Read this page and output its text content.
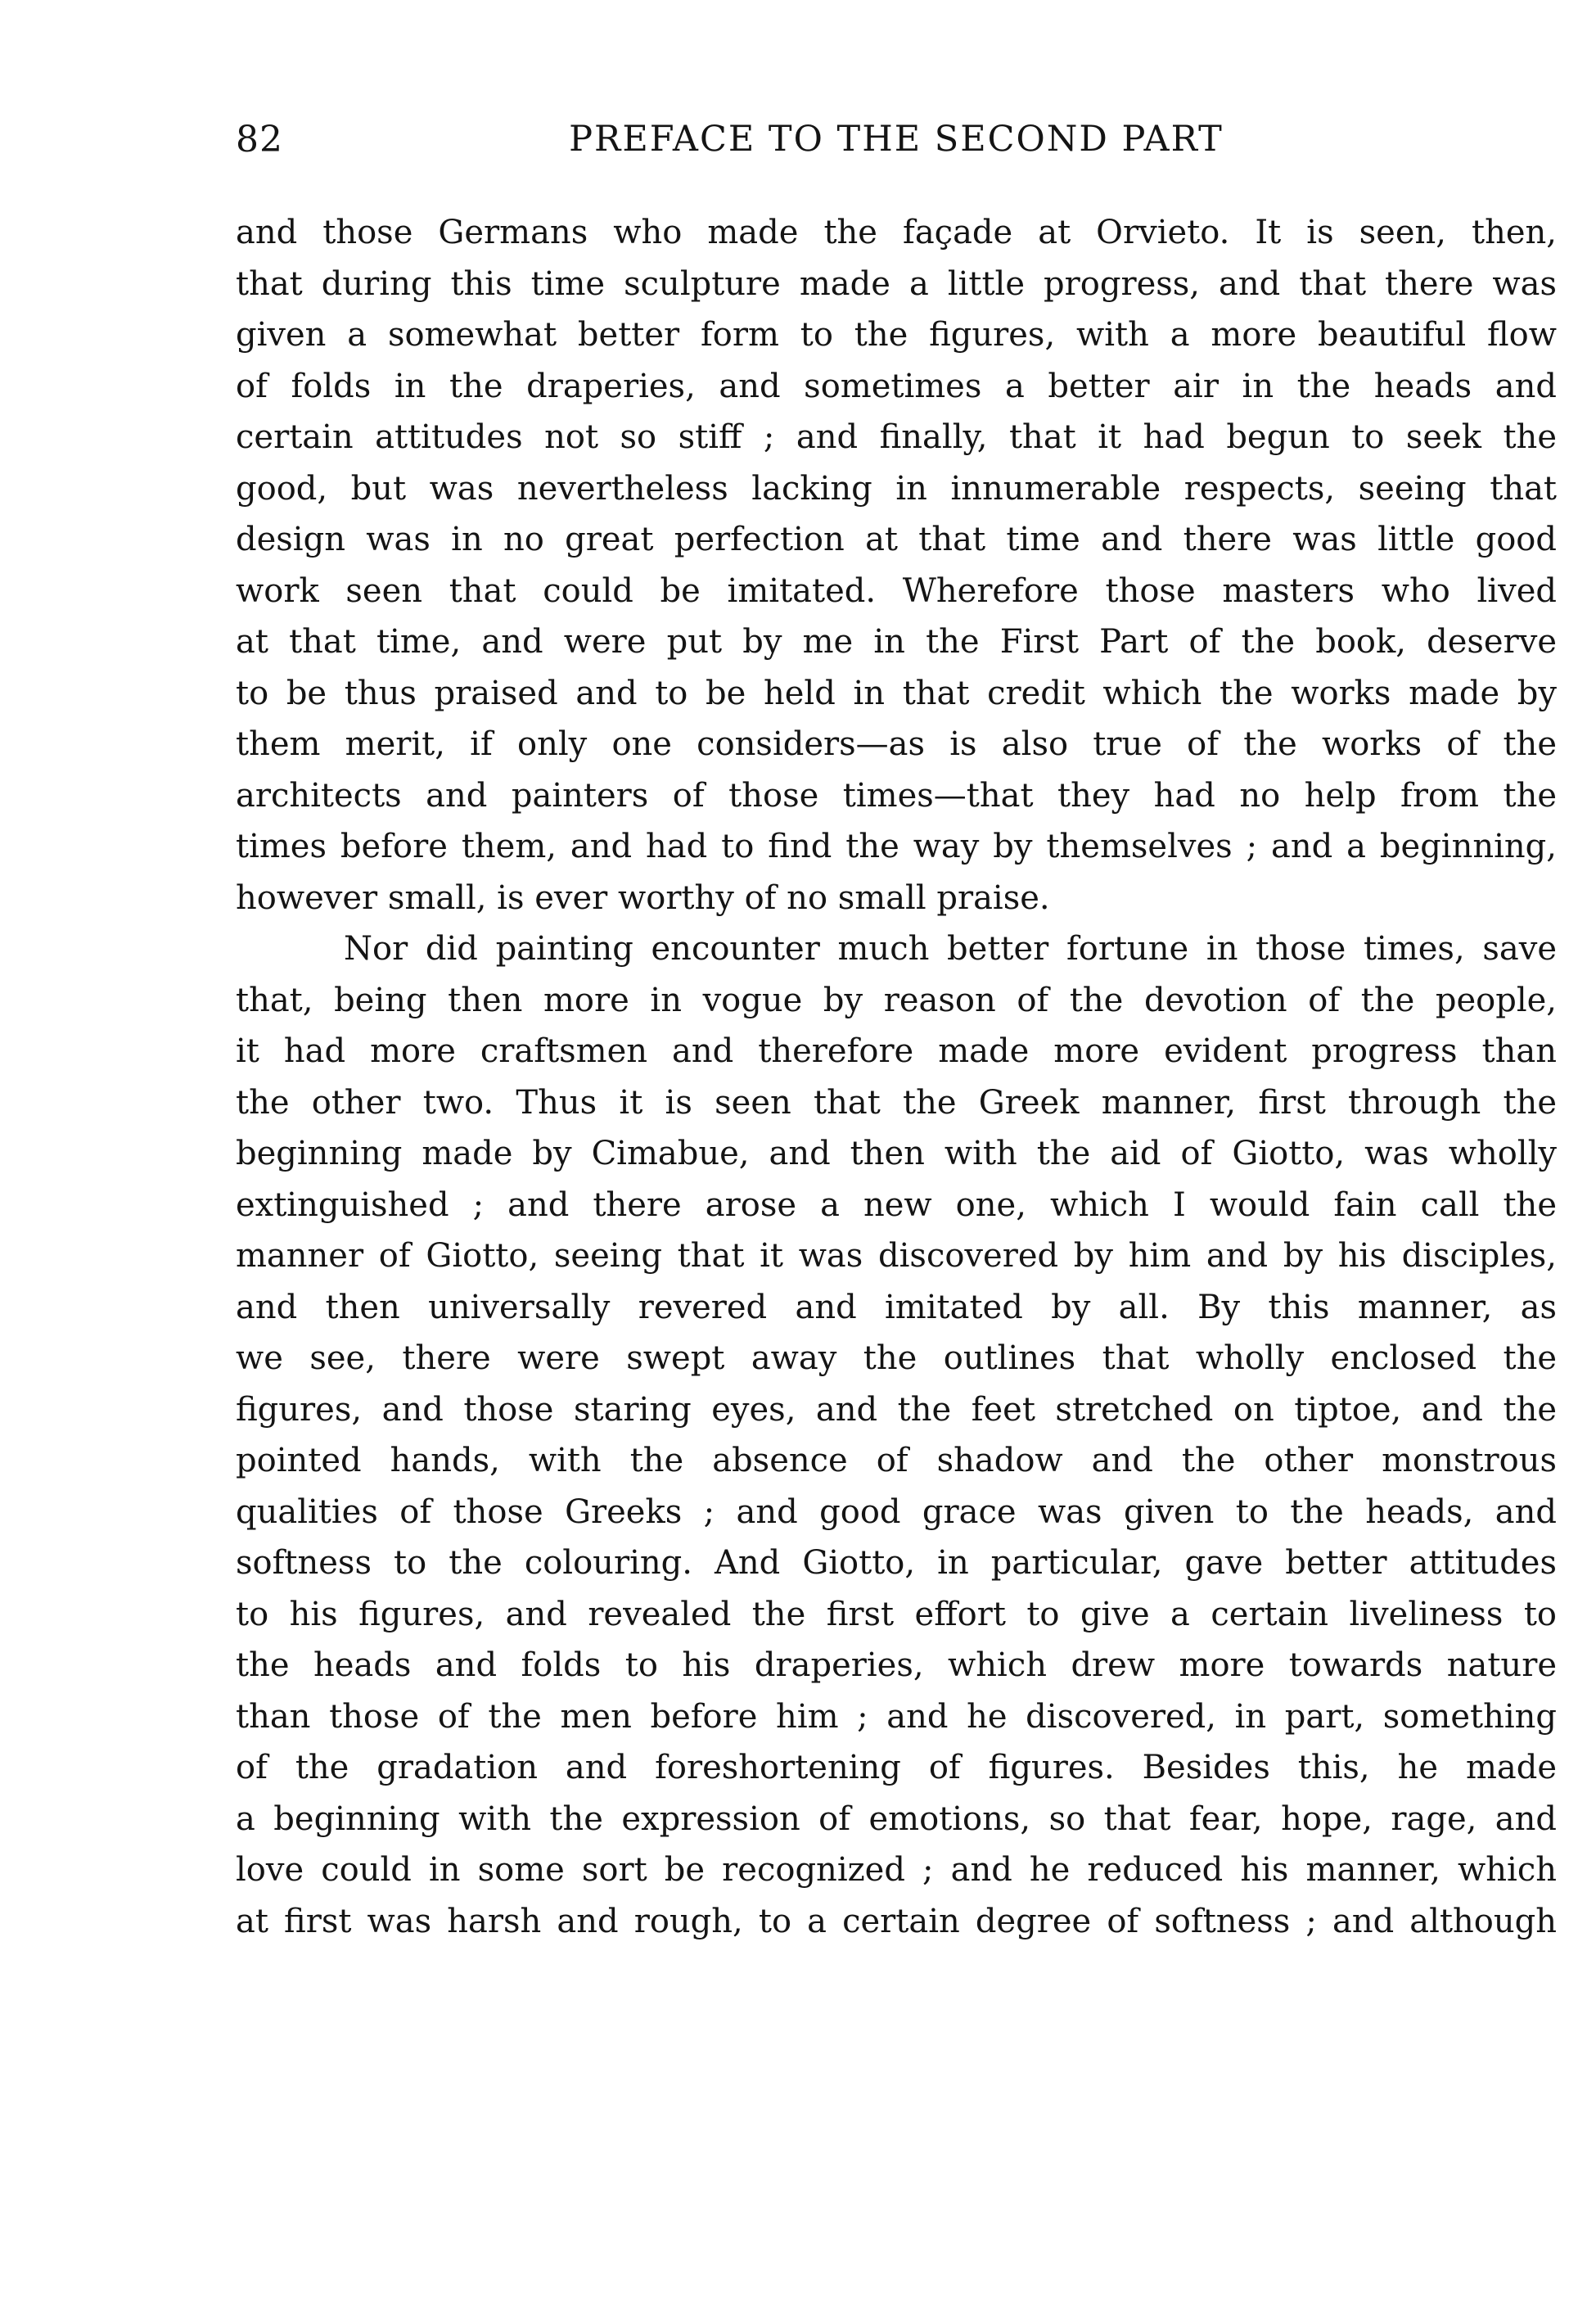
82	PREFACE TO THE SECOND PART

and those Germans who made the façade at Orvieto. It is seen, then,

that during this time sculpture made a little progress, and that there was

given a somewhat better form to the figures, with a more beautiful flow

of folds in the draperies, and sometimes a better air in the heads and

certain attitudes not so stiff ; and finally, that it had begun to seek the

good, but was nevertheless lacking in innumerable respects, seeing that

design was in no great perfection at that time and there was little good

work seen that could be imitated. Wherefore those masters who lived

at that time, and were put by me in the First Part of the book, deserve

to be thus praised and to be held in that credit which the works made by

them merit, if only one considers—as is also true of the works of the

architects and painters of those times—that they had no help from the

times before them, and had to find the way by themselves ; and a beginning,

however small, is ever worthy of no small praise.

Nor did painting encounter much better fortune in those times, save

that, being then more in vogue by reason of the devotion of the people,

it had more craftsmen and therefore made more evident progress than

the other two. Thus it is seen that the Greek manner, first through the

beginning made by Cimabue, and then with the aid of Giotto, was wholly

extinguished ; and there arose a new one, which I would fain call the

manner of Giotto, seeing that it was discovered by him and by his disciples,

and then universally revered and imitated by all. By this manner, as

we see, there were swept away the outlines that wholly enclosed the

figures, and those staring eyes, and the feet stretched on tiptoe, and the

pointed hands, with the absence of shadow and the other monstrous

qualities of those Greeks ; and good grace was given to the heads, and

softness to the colouring. And Giotto, in particular, gave better attitudes

to his figures, and revealed the first effort to give a certain liveliness to

the heads and folds to his draperies, which drew more towards nature

than those of the men before him ; and he discovered, in part, something

of the gradation and foreshortening of figures. Besides this, he made

a beginning with the expression of emotions, so that fear, hope, rage, and

love could in some sort be recognized ; and he reduced his manner, which

at first was harsh and rough, to a certain degree of softness ; and although
